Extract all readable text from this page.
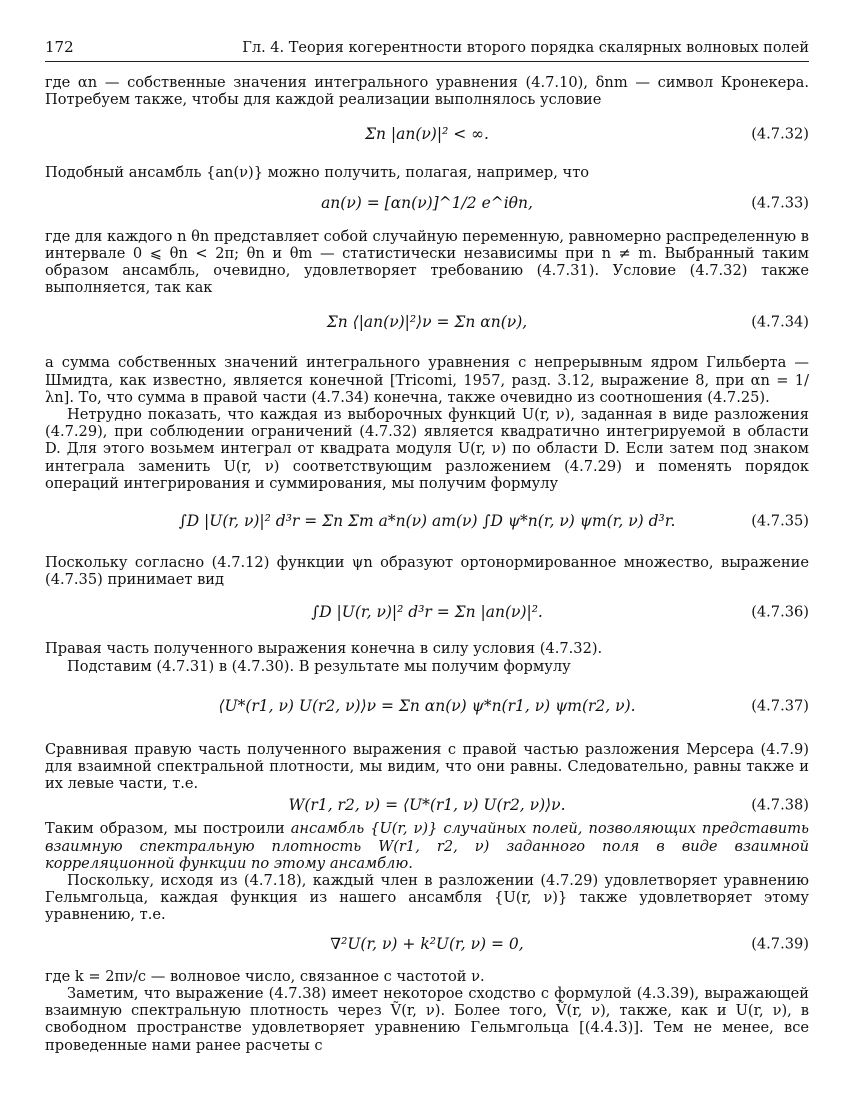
172	Гл. 4. Теория когерентности второго порядка скалярных волновых полей

где αn — собственные значения интегрального уравнения (4.7.10), δnm — символ Кронекера. Потребуем также, чтобы для каждой реализации выполнялось условие

Σn |an(ν)|² < ∞.	(4.7.32)

Подобный ансамбль {an(ν)} можно получить, полагая, например, что

an(ν) = [αn(ν)]^1/2 e^iθn,	(4.7.33)

где для каждого n θn представляет собой случайную переменную, равномерно распределенную в интервале 0 ⩽ θn < 2π; θn и θm — статистически независимы при n ≠ m. Выбранный таким образом ансамбль, очевидно, удовлетворяет требованию (4.7.31). Условие (4.7.32) также выполняется, так как

Σn ⟨|an(ν)|²⟩ν = Σn αn(ν),	(4.7.34)

а сумма собственных значений интегрального уравнения с непрерывным ядром Гильберта — Шмидта, как известно, является конечной [Tricomi, 1957, разд. 3.12, выражение 8, при αn = 1/λn]. То, что сумма в правой части (4.7.34) конечна, также очевидно из соотношения (4.7.25).

Нетрудно показать, что каждая из выборочных функций U(r, ν), заданная в виде разложения (4.7.29), при соблюдении ограничений (4.7.32) является квадратично интегрируемой в области D. Для этого возьмем интеграл от квадрата модуля U(r, ν) по области D. Если затем под знаком интеграла заменить U(r, ν) соответствующим разложением (4.7.29) и поменять порядок операций интегрирования и суммирования, мы получим формулу

∫D |U(r, ν)|² d³r = Σn Σm a*n(ν) am(ν) ∫D ψ*n(r, ν) ψm(r, ν) d³r.	(4.7.35)

Поскольку согласно (4.7.12) функции ψn образуют ортонормированное множество, выражение (4.7.35) принимает вид

∫D |U(r, ν)|² d³r = Σn |an(ν)|².	(4.7.36)

Правая часть полученного выражения конечна в силу условия (4.7.32).

Подставим (4.7.31) в (4.7.30). В результате мы получим формулу

⟨U*(r1, ν) U(r2, ν)⟩ν = Σn αn(ν) ψ*n(r1, ν) ψm(r2, ν).	(4.7.37)

Сравнивая правую часть полученного выражения с правой частью разложения Мерсера (4.7.9) для взаимной спектральной плотности, мы видим, что они равны. Следовательно, равны также и их левые части, т.е.

W(r1, r2, ν) = ⟨U*(r1, ν) U(r2, ν)⟩ν.	(4.7.38)

Таким образом, мы построили ансамбль {U(r, ν)} случайных полей, позволяющих представить взаимную спектральную плотность W(r1, r2, ν) заданного поля в виде взаимной корреляционной функции по этому ансамблю.

Поскольку, исходя из (4.7.18), каждый член в разложении (4.7.29) удовлетворяет уравнению Гельмгольца, каждая функция из нашего ансамбля {U(r, ν)} также удовлетворяет этому уравнению, т.е.

∇²U(r, ν) + k²U(r, ν) = 0,	(4.7.39)

где k = 2πν/c — волновое число, связанное с частотой ν.

Заметим, что выражение (4.7.38) имеет некоторое сходство с формулой (4.3.39), выражающей взаимную спектральную плотность через Ṽ(r, ν). Более того, Ṽ(r, ν), также, как и U(r, ν), в свободном пространстве удовлетворяет уравнению Гельмгольца [(4.4.3)]. Тем не менее, все проведенные нами ранее расчеты с
